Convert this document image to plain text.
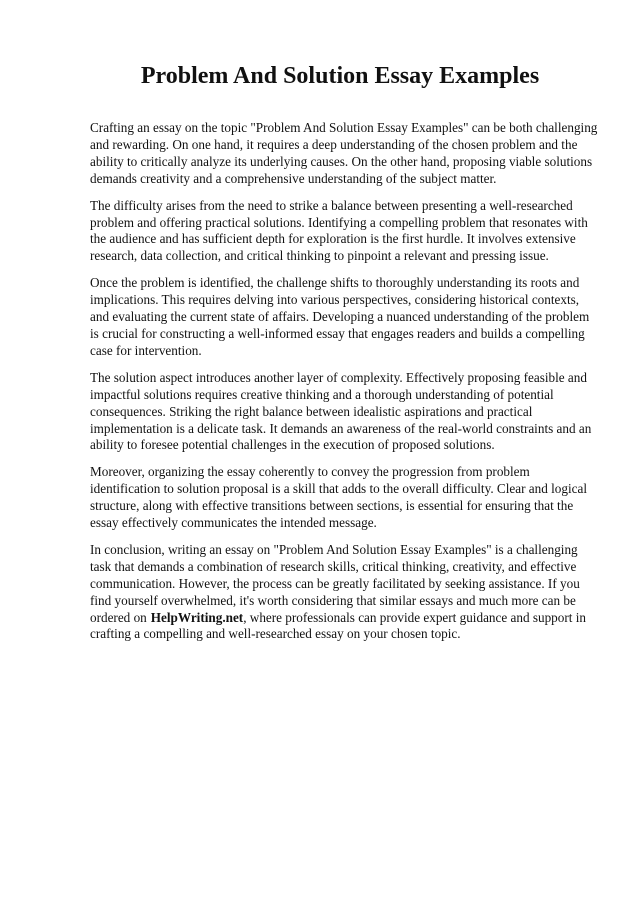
Problem And Solution Essay Examples

Crafting an essay on the topic "Problem And Solution Essay Examples" can be both challenging and rewarding. On one hand, it requires a deep understanding of the chosen problem and the ability to critically analyze its underlying causes. On the other hand, proposing viable solutions demands creativity and a comprehensive understanding of the subject matter.

The difficulty arises from the need to strike a balance between presenting a well-researched problem and offering practical solutions. Identifying a compelling problem that resonates with the audience and has sufficient depth for exploration is the first hurdle. It involves extensive research, data collection, and critical thinking to pinpoint a relevant and pressing issue.

Once the problem is identified, the challenge shifts to thoroughly understanding its roots and implications. This requires delving into various perspectives, considering historical contexts, and evaluating the current state of affairs. Developing a nuanced understanding of the problem is crucial for constructing a well-informed essay that engages readers and builds a compelling case for intervention.

The solution aspect introduces another layer of complexity. Effectively proposing feasible and impactful solutions requires creative thinking and a thorough understanding of potential consequences. Striking the right balance between idealistic aspirations and practical implementation is a delicate task. It demands an awareness of the real-world constraints and an ability to foresee potential challenges in the execution of proposed solutions.

Moreover, organizing the essay coherently to convey the progression from problem identification to solution proposal is a skill that adds to the overall difficulty. Clear and logical structure, along with effective transitions between sections, is essential for ensuring that the essay effectively communicates the intended message.

In conclusion, writing an essay on "Problem And Solution Essay Examples" is a challenging task that demands a combination of research skills, critical thinking, creativity, and effective communication. However, the process can be greatly facilitated by seeking assistance. If you find yourself overwhelmed, it's worth considering that similar essays and much more can be ordered on HelpWriting.net, where professionals can provide expert guidance and support in crafting a compelling and well-researched essay on your chosen topic.
